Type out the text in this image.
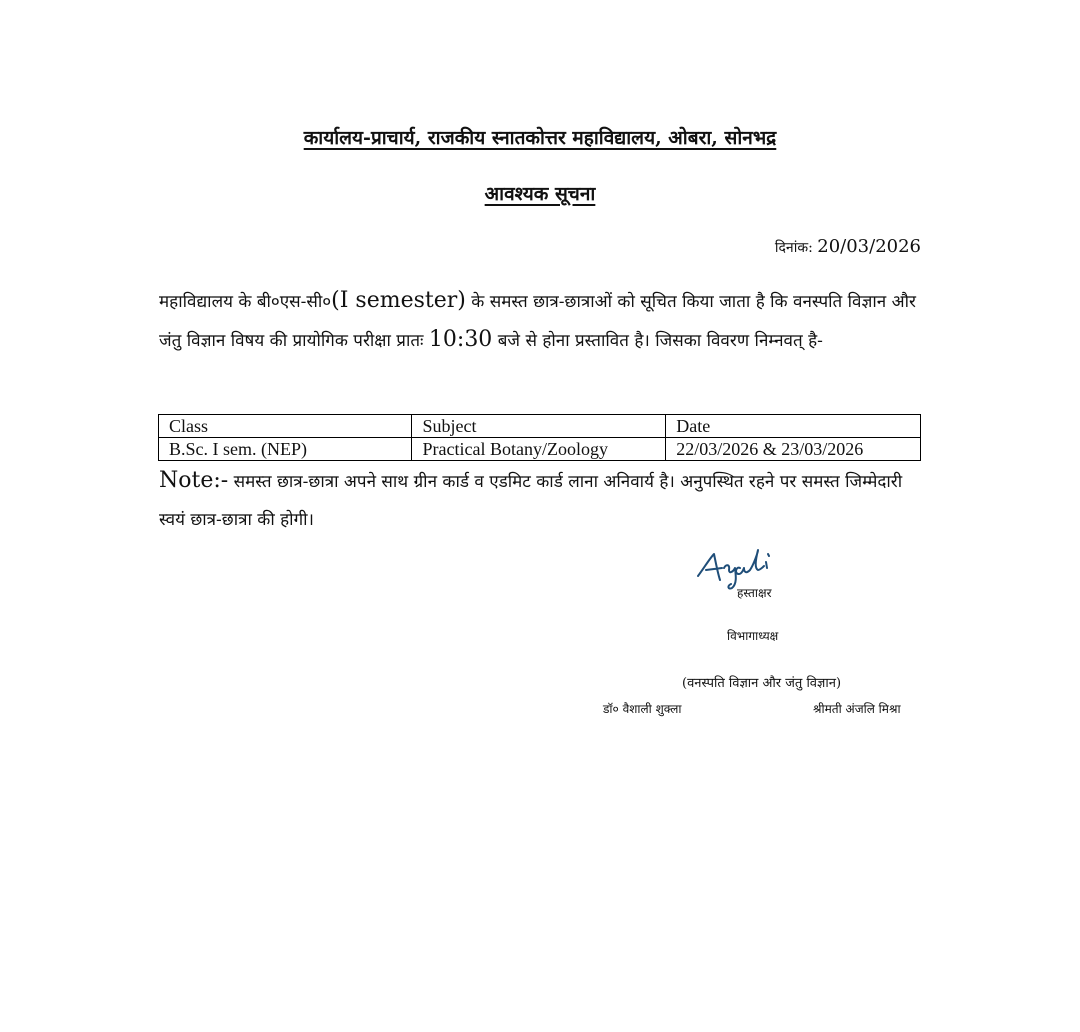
कार्यालय-प्राचार्य, राजकीय स्नातकोत्तर महाविद्यालय, ओबरा, सोनभद्र
आवश्यक सूचना
दिनांक: 20/03/2026
महाविद्यालय के बी०एस-सी०(I semester) के समस्त छात्र-छात्राओं को सूचित किया जाता है कि वनस्पति विज्ञान और जंतु विज्ञान विषय की प्रायोगिक परीक्षा प्रातः 10:30 बजे से होना प्रस्तावित है। जिसका विवरण निम्नवत् है-
Class	Subject	Date
B.Sc. I sem. (NEP)	Practical Botany/Zoology	22/03/2026 & 23/03/2026
Note:- समस्त छात्र-छात्रा अपने साथ ग्रीन कार्ड व एडमिट कार्ड लाना अनिवार्य है। अनुपस्थित रहने पर समस्त जिम्मेदारी स्वयं छात्र-छात्रा की होगी।
हस्ताक्षर
विभागाध्यक्ष
(वनस्पति विज्ञान और जंतु विज्ञान)
डॉ० वैशाली शुक्ला	श्रीमती अंजलि मिश्रा
